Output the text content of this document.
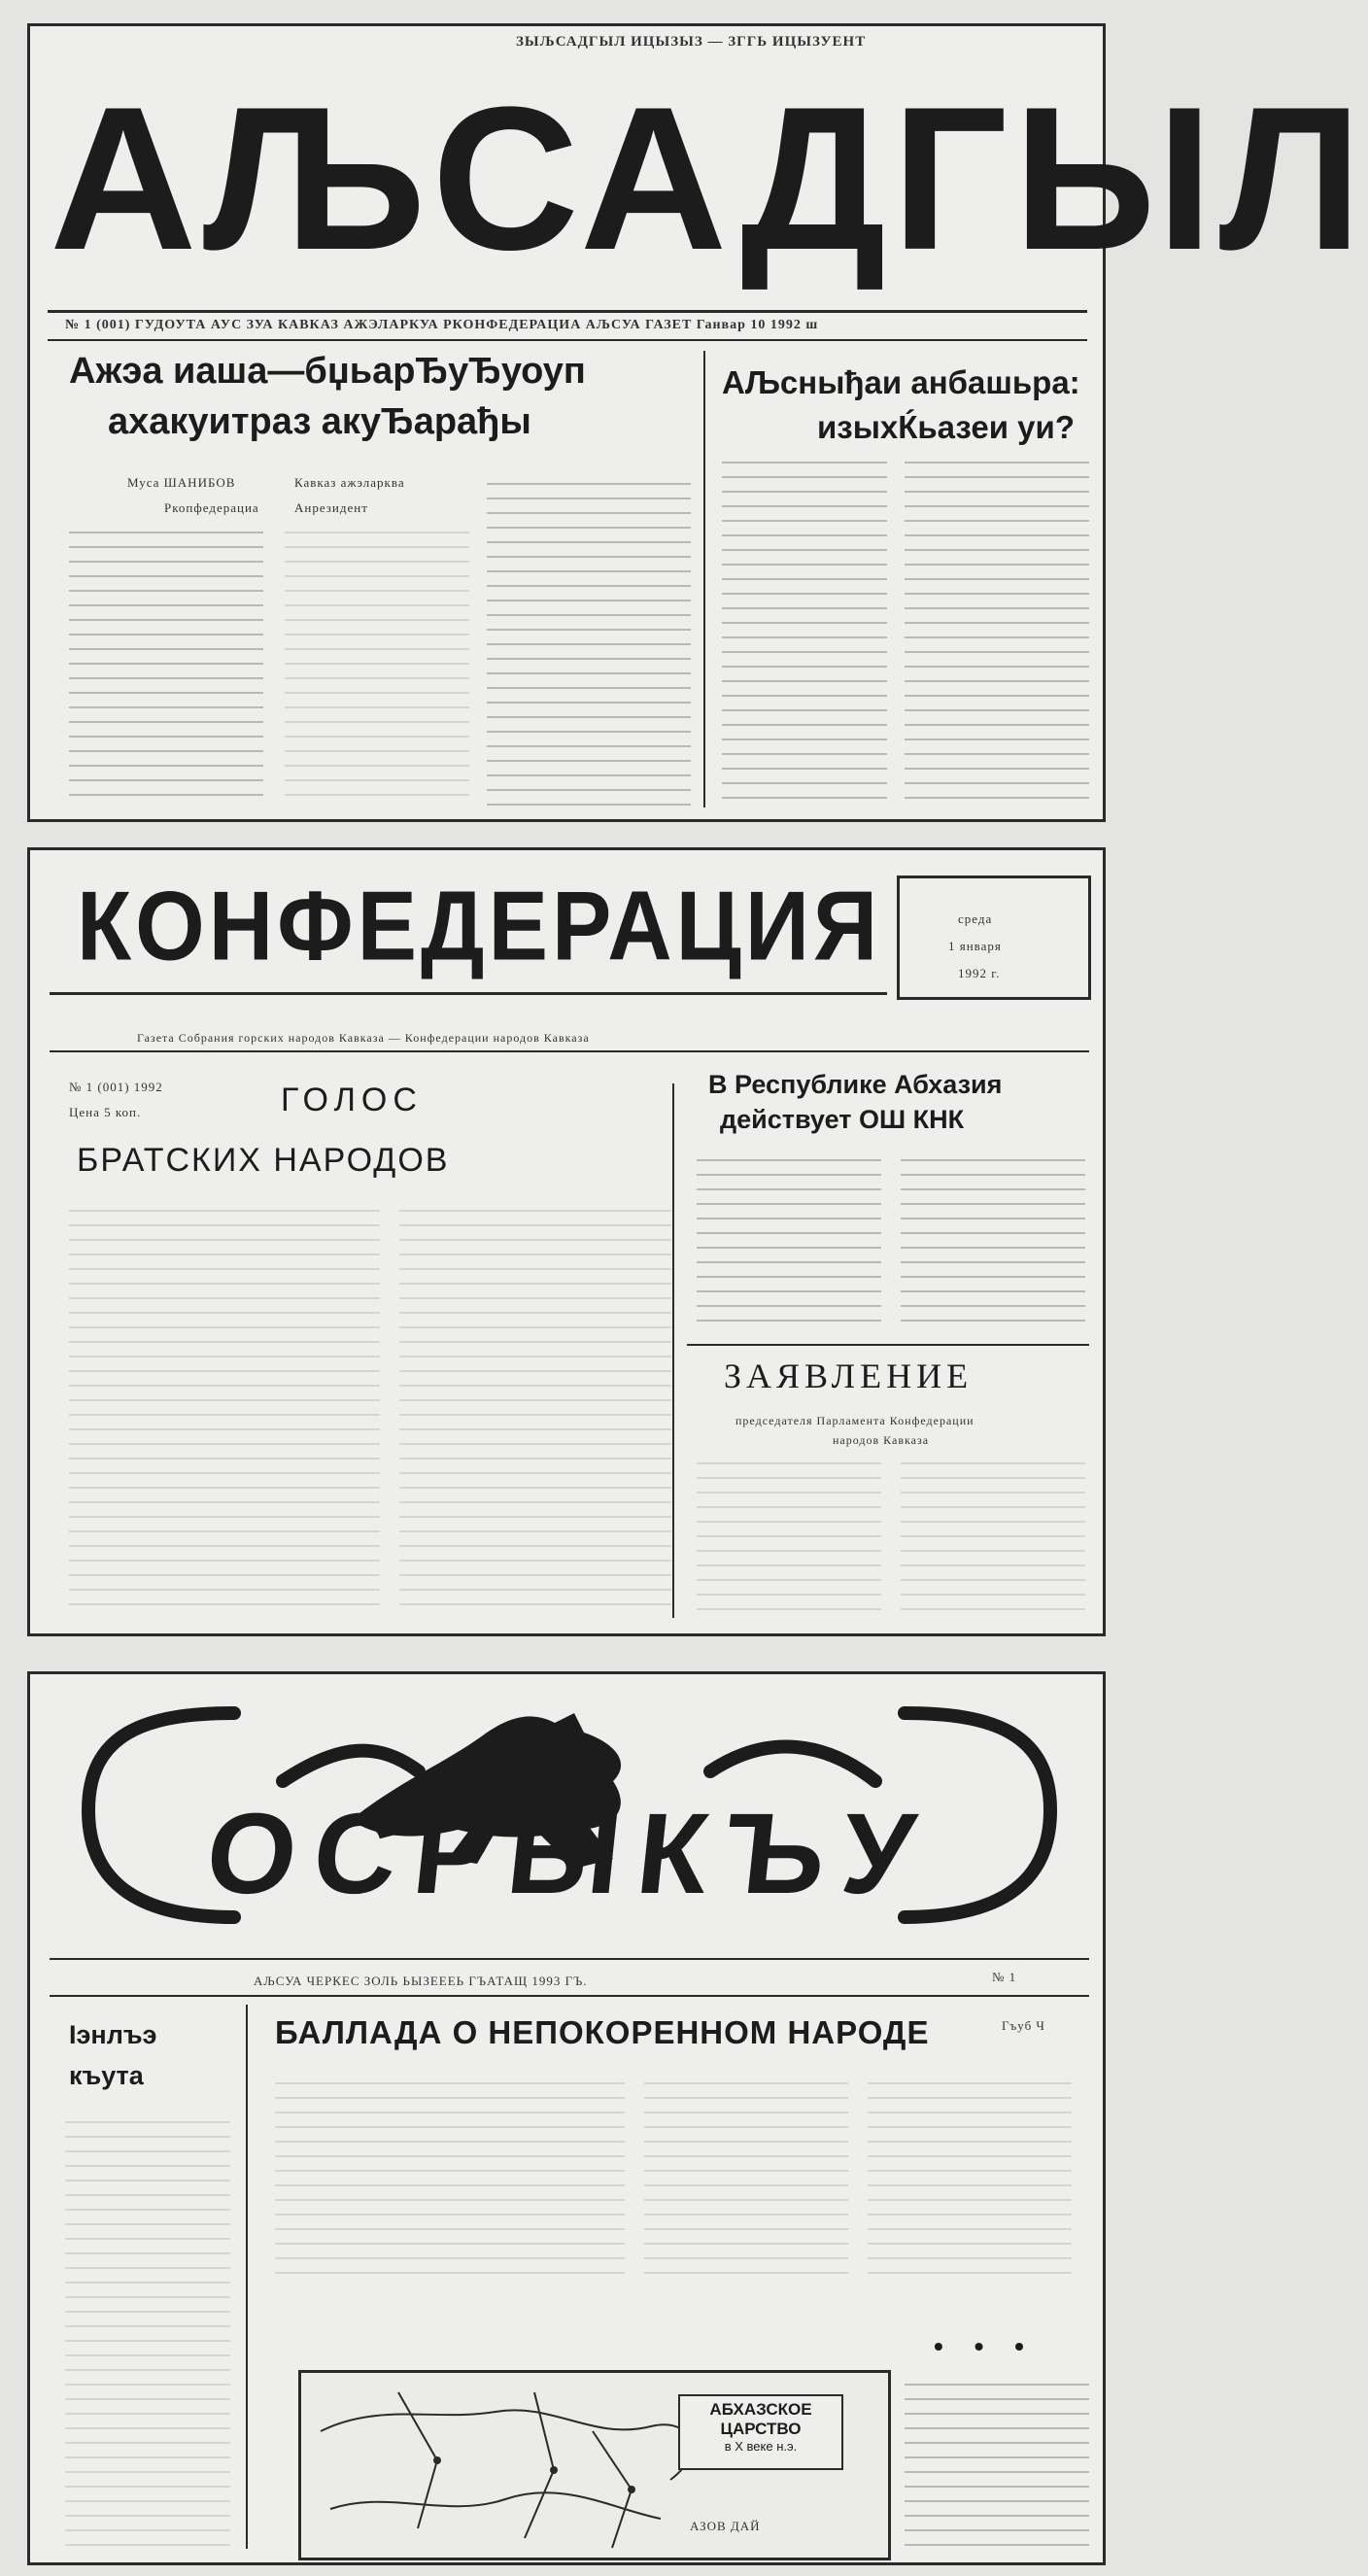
ЗЫЉСАДГЫЛ ИЦЫЗЫЗ — ЗГГЬ ИЦЫЗУЕНТ
АЉСАДГЫЛ
№ 1 (001) ГУДОУТА АУС ЗУА КАВКАЗ АЖЭЛАРКУА РКОНФЕДЕРАЦИА АЉСУА ГАЗЕТ Ганвар 10 1992 ш
Ажэа иаша—бџьарЂуЂуоуп
ахакуитраз акуЂарађы
Муса ШАНИБОВ
Ркопфедерациа
Кавказ ажэларква
Анрезидент
АЉсныђаи анбашьра:
изыхЌьазеи уи?
КОНФЕДЕРАЦИЯ	среда
1 января
1992 г.
Газета Собрания горских народов Кавказа — Конфедерации народов Кавказа
№ 1 (001) 1992
Цена 5 коп.	ГОЛОС
БРАТСКИХ НАРОДОВ
В Республике Абхазия
действует ОШ КНК
ЗАЯВЛЕНИЕ
председателя Парламента Конфедерации
народов Кавказа
ОСРЫКЪУ
АЉСУА ЧЕРКЕС ЗОЛЬ ЬЫЗЕЕЕЬ ГЪАТАЩ 1993 ГЪ.	№ 1
Іэнлъэ
къута
БАЛЛАДА О НЕПОКОРЕННОМ НАРОДЕ	Гъуб Ч
• • •
АБХАЗСКОЕ
ЦАРСТВО
в X веке н.э.
АЗОВ ДАЙ
